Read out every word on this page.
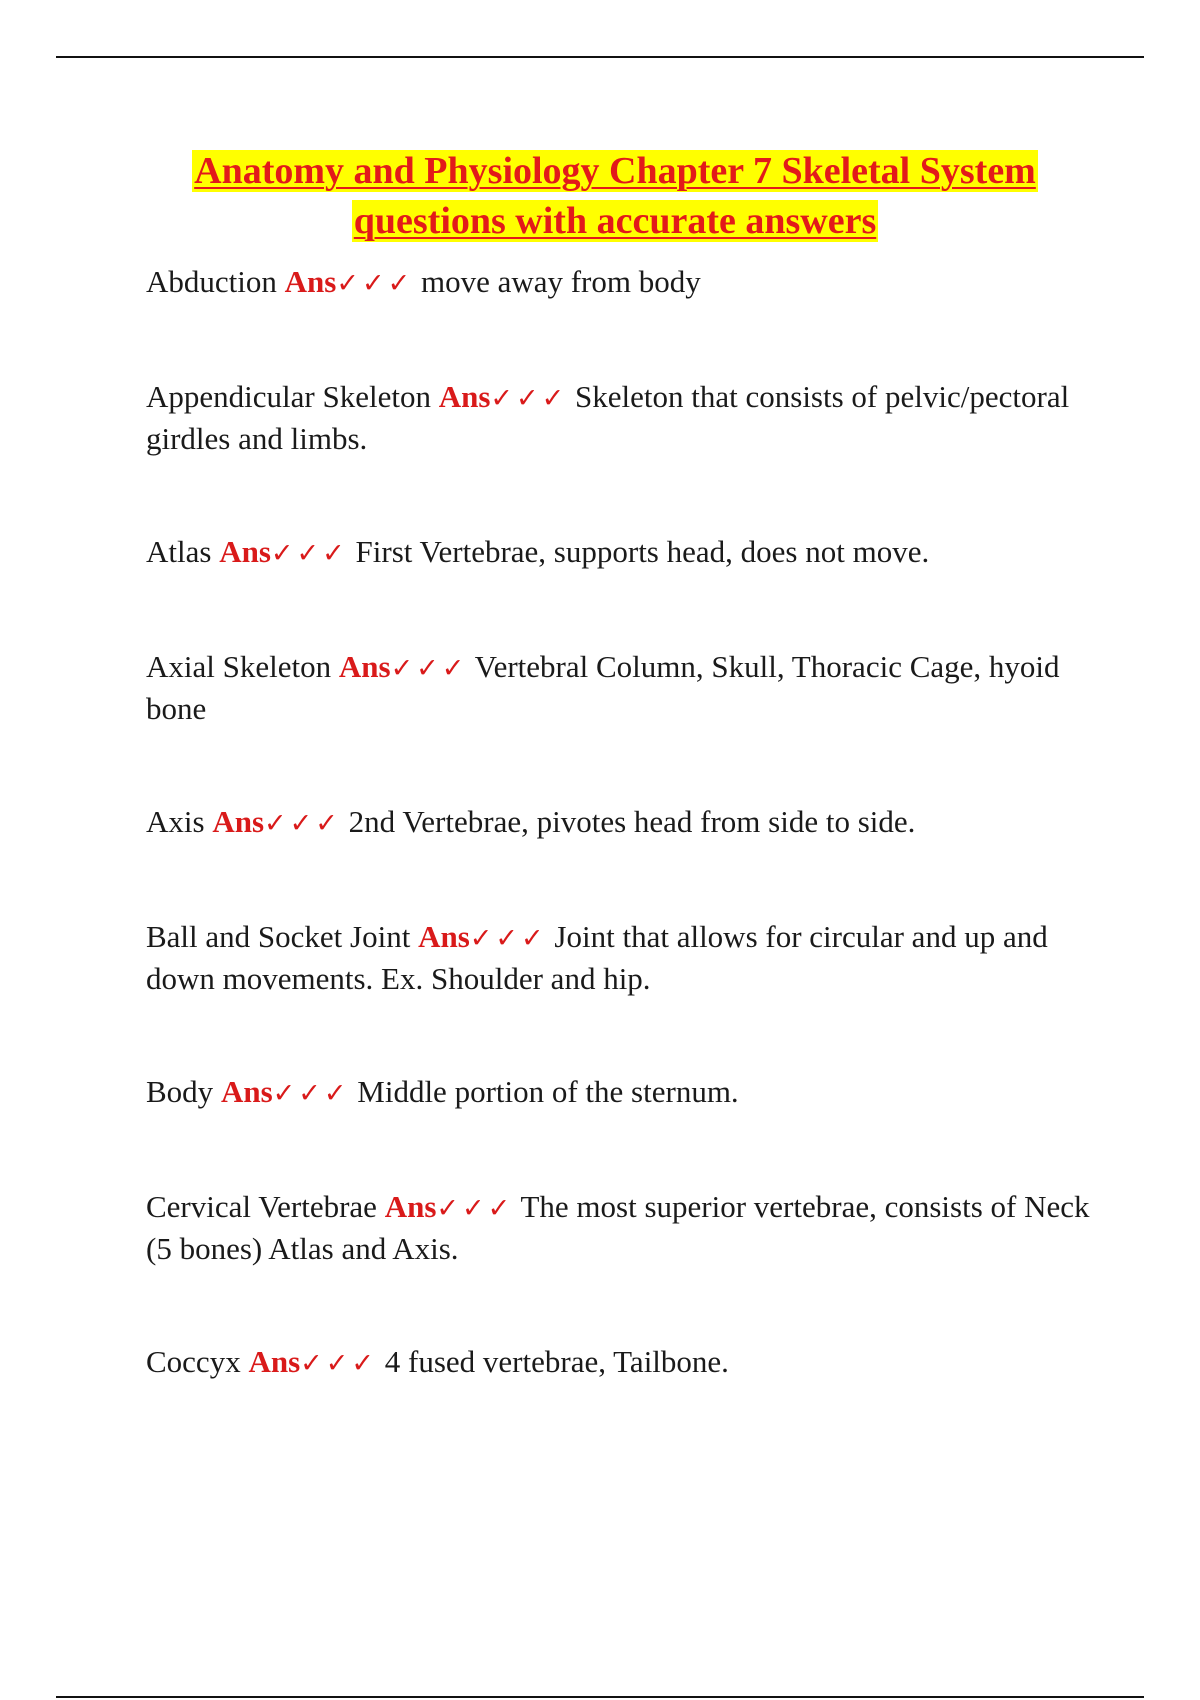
Anatomy and Physiology Chapter 7 Skeletal System
questions with accurate answers

Abduction Ans✓✓✓ move away from body

Appendicular Skeleton Ans✓✓✓ Skeleton that consists of pelvic/pectoral girdles and limbs.

Atlas Ans✓✓✓ First Vertebrae, supports head, does not move.

Axial Skeleton Ans✓✓✓ Vertebral Column, Skull, Thoracic Cage, hyoid bone

Axis Ans✓✓✓ 2nd Vertebrae, pivotes head from side to side.

Ball and Socket Joint Ans✓✓✓ Joint that allows for circular and up and down movements. Ex. Shoulder and hip.

Body Ans✓✓✓ Middle portion of the sternum.

Cervical Vertebrae Ans✓✓✓ The most superior vertebrae, consists of Neck (5 bones) Atlas and Axis.

Coccyx Ans✓✓✓ 4 fused vertebrae, Tailbone.
